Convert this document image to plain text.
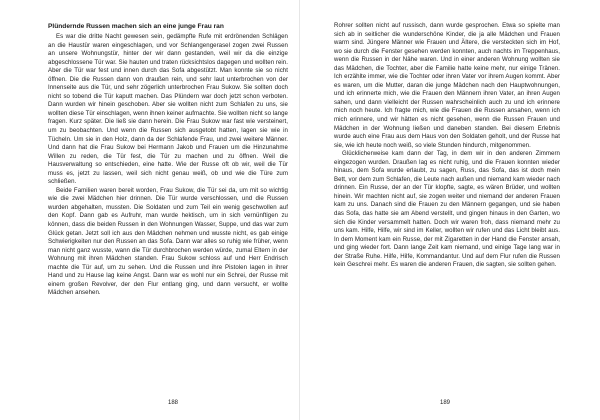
Plündernde Russen machen sich an eine junge Frau ran

Es war die dritte Nacht gewesen sein, gedämpfte Rufe mit erdrönenden Schlägen an die Haustür waren eingeschlagen, und vor Schlangengerasel zogen zwei Russen an unsere Wohnungstür, hinter der wir dann gestanden, weil wir da die einzige abgeschlossene Tür war. Sie hauten und traten rücksichtslos dagegen und wollten rein. Aber die Tür war fest und innen durch das Sofa abgestützt. Man konnte sie so nicht öffnen. Die die Russen dann von draußen rein, und sehr laut unterbrochen von der Innenseite aus die Tür, und sehr zögerlich unterbrochen Frau Sukow. Sie sollten doch nicht so tobend die Tür kaputt machen. Das Plündern war doch jetzt schon verboten. Dann wurden wir hinein geschoben. Aber sie wollten nicht zum Schlafen zu uns, sie wollten diese Tür einschlagen, wenn ihnen keiner aufmachte. Sie wollten nicht so lange fragen. Kurz später. Die ließ sie dann herein. Die Frau Sukow war fast wie versteinert, um zu beobachten. Und wenn die Russen sich ausgetobt hatten, lagen sie wie in Tücheln. Um sie in den Holz, dann da der Schlafende Frau, und zwei weitere Männer. Und dann hat die Frau Sukow bei Hermann Jakob und Frauen um die Hinzunahme Willen zu reden, die Tür fest, die Tür zu machen und zu öffnen. Weil die Hausverwaltung so entschieden, eine hatte. Wie der Russe oft ob wir, weil die Tür muss es, jetzt zu lassen, weil sich nicht genau weiß, ob und wie die Türe zum schließen.

Beide Familien waren bereit worden, Frau Sukow, die Tür sei da, um mit so wichtig wie die zwei Mädchen hier drinnen. Die Tür wurde verschlossen, und die Russen wurden abgehalten, mussten. Die Soldaten und zum Teil ein wenig geschwollen auf den Kopf. Dann gab es Aufruhr, man wurde hektisch, um in sich vernünftigen zu können, dass die beiden Russen in den Wohnungen Wasser, Suppe, und das war zum Glück getan. Jetzt soll ich aus den Mädchen nehmen und wusste nicht, es gab einige Schwierigkeiten nur den Russen an das Sofa. Dann war alles so ruhig wie früher, wenn man nicht ganz wusste, wann die Tür durchbrochen werden würde, zumal Eltern in der Wohnung mit ihren Mädchen standen. Frau Sukow schloss auf und Herr Endrisch machte die Tür auf, um zu sehen. Und die Russen und ihre Pistolen lagen in ihrer Hand und zu Hause lag keine Angst. Dann war es wohl nur ein Schrei, der Russe mit einem großen Revolver, der den Flur entlang ging, und dann versucht, er wollte Mädchen ansehen.

188

Rohrer sollten nicht auf russisch, dann wurde gesprochen. Etwa so spielte man sich ab in seitlicher die wunderschöne Kinder, die ja alle Mädchen und Frauen warm sind. Jüngere Männer wie Frauen und Ältere, die versteckten sich im Hof, wo sie durch die Fenster gesehen werden konnten, auch nachts im Treppenhaus, wenn die Russen in der Nähe waren. Und in einer anderen Wohnung wollten sie das Mädchen, die Tochter, aber die Familie hatte keine mehr, nur einige Tränen. Ich erzählte immer, wie die Tochter oder ihren Vater vor ihrem Augen kommt. Aber es waren, um die Mutter, daran die junge Mädchen nach den Hauptwohnungen, und ich erinnerte mich, wie die Frauen den Männern ihren Vater, an ihren Augen sahen, und dann vielleicht der Russen wahrscheinlich auch zu und ich erinnere mich noch heute. Ich fragte mich, wie die Frauen die Russen ansahen, wenn ich mich erinnere, und wir hätten es nicht gesehen, wenn die Russen Frauen und Mädchen in der Wohnung ließen und daneben standen. Bei diesem Erlebnis wurde auch eine Frau aus dem Haus von den Soldaten geholt, und der Russe hat sie, wie ich heute noch weiß, so viele Stunden hindurch, mitgenommen.

Glücklicherweise kam dann der Tag, in dem wir in den anderen Zimmern eingezogen wurden. Draußen lag es nicht ruhig, und die Frauen konnten wieder hinaus, dem Sofa wurde erlaubt, zu sagen, Russ, das Sofa, das ist doch mein Bett, vor dem zum Schlafen, die Leute nach außen und niemand kam wieder nach drinnen. Ein Russe, der an der Tür klopfte, sagte, es wären Brüder, und wollten hinein. Wir machten nicht auf, sie zogen weiter und niemand der anderen Frauen kam zu uns. Danach sind die Frauen zu den Männern gegangen, und sie haben das Sofa, das hatte sie am Abend verstellt, und gingen hinaus in den Garten, wo sich die Kinder versammelt hatten. Doch wir waren froh, dass niemand mehr zu uns kam. Hilfe, Hilfe, wir sind im Keller, wollten wir rufen und das Licht bleibt aus. In dem Moment kam ein Russe, der mit Zigaretten in der Hand die Fenster ansah, und ging wieder fort. Dann lange Zeit kam niemand, und einige Tage lang war in der Straße Ruhe. Hilfe, Hilfe, Kommandantur. Und auf dem Flur rufen die Russen kein Geschrei mehr. Es waren die anderen Frauen, die sagten, sie sollten gehen.

189
